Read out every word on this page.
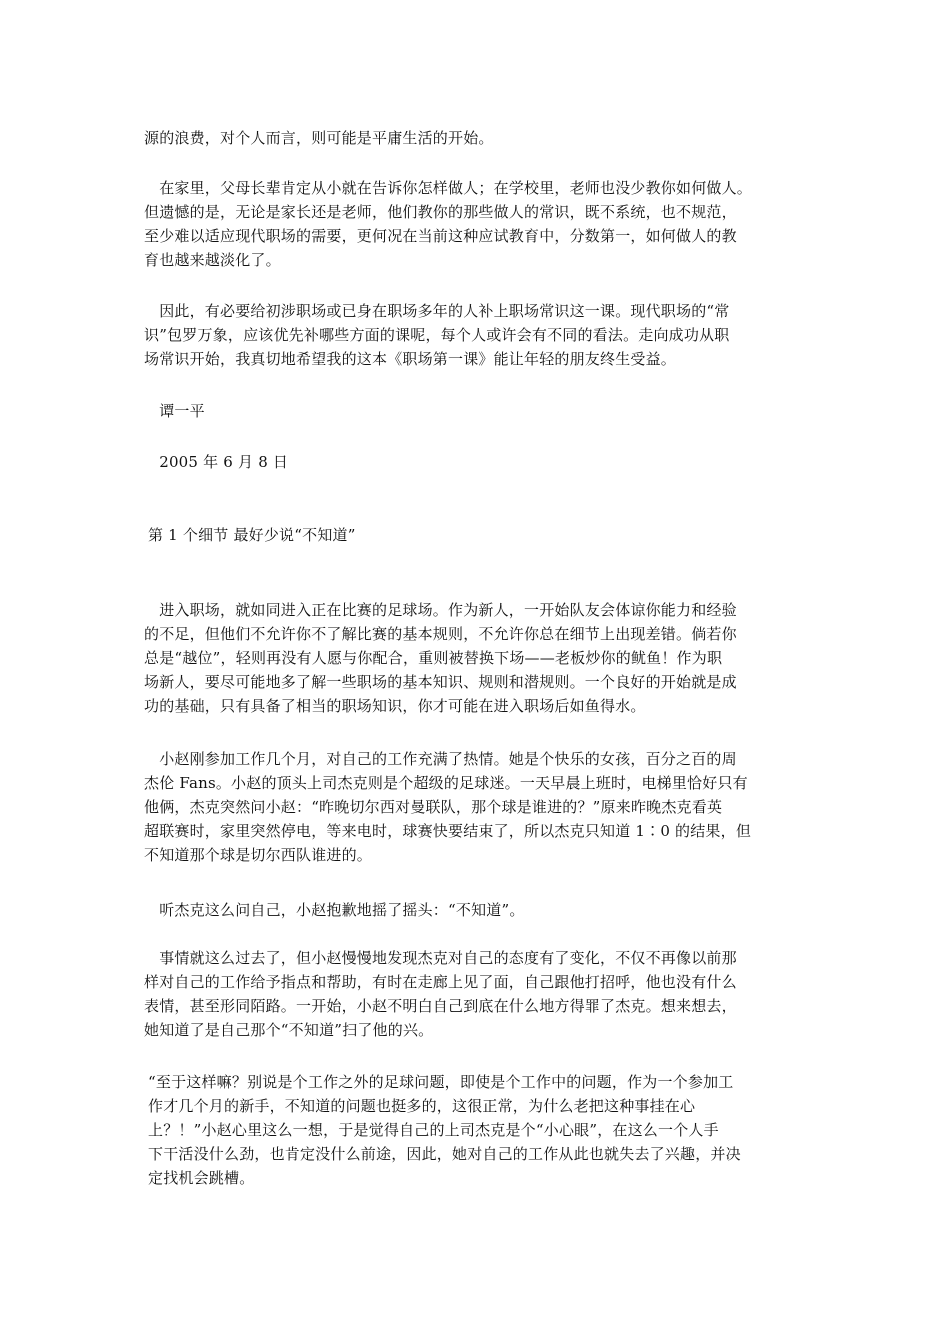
源的浪费，对个人而言，则可能是平庸生活的开始。

　在家里，父母长辈肯定从小就在告诉你怎样做人；在学校里，老师也没少教你如何做人。
但遗憾的是，无论是家长还是老师，他们教你的那些做人的常识，既不系统，也不规范，
至少难以适应现代职场的需要，更何况在当前这种应试教育中，分数第一，如何做人的教
育也越来越淡化了。

　因此，有必要给初涉职场或已身在职场多年的人补上职场常识这一课。现代职场的“常
识”包罗万象，应该优先补哪些方面的课呢，每个人或许会有不同的看法。走向成功从职
场常识开始，我真切地希望我的这本《职场第一课》能让年轻的朋友终生受益。

　谭一平

　2005 年 6 月 8 日

第 1 个细节 最好少说“不知道”

　进入职场，就如同进入正在比赛的足球场。作为新人，一开始队友会体谅你能力和经验
的不足，但他们不允许你不了解比赛的基本规则，不允许你总在细节上出现差错。倘若你
总是“越位”，轻则再没有人愿与你配合，重则被替换下场——老板炒你的鱿鱼！作为职
场新人，要尽可能地多了解一些职场的基本知识、规则和潜规则。一个良好的开始就是成
功的基础，只有具备了相当的职场知识，你才可能在进入职场后如鱼得水。

　小赵刚参加工作几个月，对自己的工作充满了热情。她是个快乐的女孩，百分之百的周
杰伦 Fans。小赵的顶头上司杰克则是个超级的足球迷。一天早晨上班时，电梯里恰好只有
他俩，杰克突然问小赵：“昨晚切尔西对曼联队，那个球是谁进的？”原来昨晚杰克看英
超联赛时，家里突然停电，等来电时，球赛快要结束了，所以杰克只知道 1∶0 的结果，但
不知道那个球是切尔西队谁进的。

　听杰克这么问自己，小赵抱歉地摇了摇头：“不知道”。

　事情就这么过去了，但小赵慢慢地发现杰克对自己的态度有了变化，不仅不再像以前那
样对自己的工作给予指点和帮助，有时在走廊上见了面，自己跟他打招呼，他也没有什么
表情，甚至形同陌路。一开始，小赵不明白自己到底在什么地方得罪了杰克。想来想去，
她知道了是自己那个“不知道”扫了他的兴。

“至于这样嘛？别说是个工作之外的足球问题，即使是个工作中的问题，作为一个参加工
作才几个月的新手，不知道的问题也挺多的，这很正常，为什么老把这种事挂在心
上？！”小赵心里这么一想，于是觉得自己的上司杰克是个“小心眼”，在这么一个人手
下干活没什么劲，也肯定没什么前途，因此，她对自己的工作从此也就失去了兴趣，并决
定找机会跳槽。
